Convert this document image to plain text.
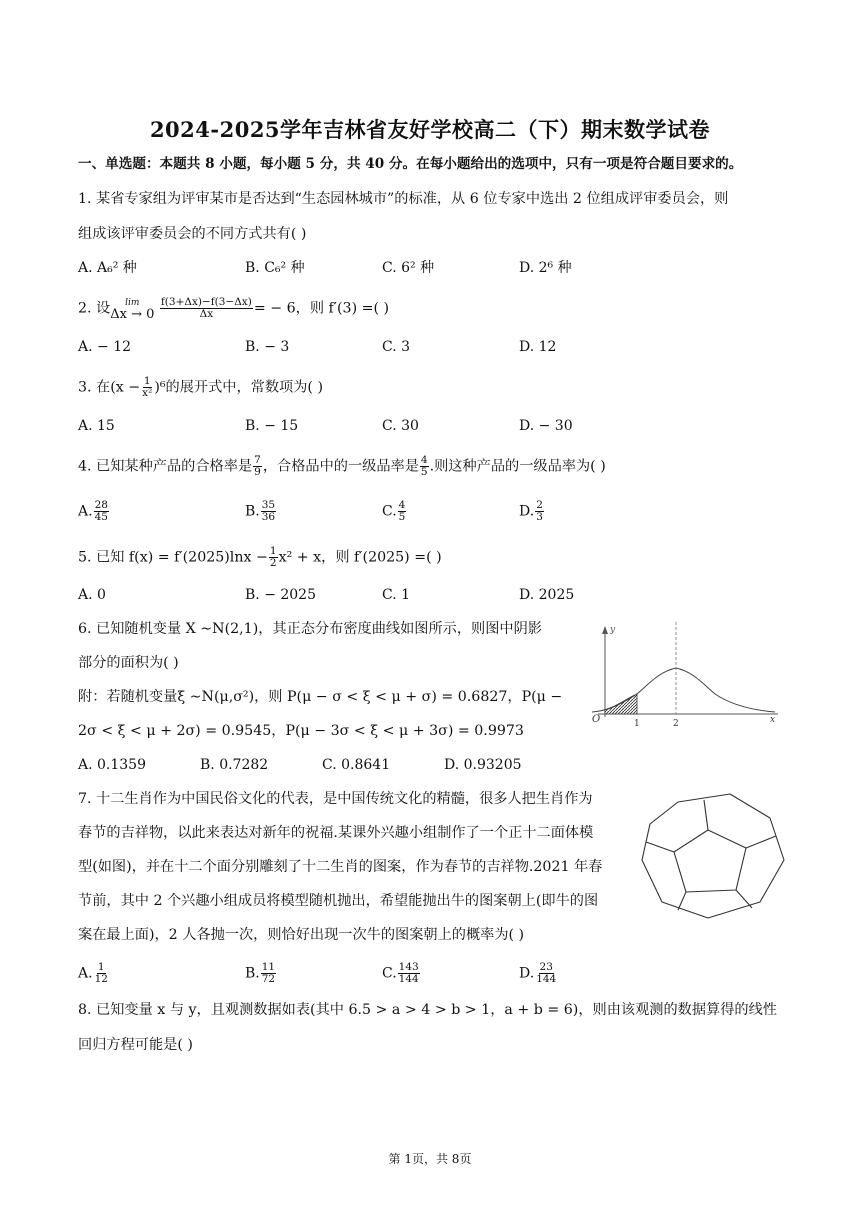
2024-2025学年吉林省友好学校高二（下）期末数学试卷
一、单选题：本题共 8 小题，每小题 5 分，共 40 分。在每小题给出的选项中，只有一项是符合题目要求的。
1. 某省专家组为评审某市是否达到“生态园林城市”的标准，从 6 位专家中选出 2 位组成评审委员会，则
组成该评审委员会的不同方式共有( )
A. A₆² 种	B. C₆² 种	C. 6² 种	D. 2⁶ 种
2. 设 lim
Δx → 0
$\frac{f(3+\Delta x)-f(3-\Delta x)}{\Delta x}$ = − 6，则 f′(3) =( )
A. − 12	B. − 3	C. 3	D. 12
3. 在$(x - \frac{1}{\text{x²}} )^6$的展开式中，常数项为( )
A. 15	B. − 15	C. 30	D. − 30
4. 已知某种产品的合格率是 $\frac{7}{9}$ ，合格品中的一级品率是 $\frac{4}{5}$ .则这种产品的一级品率为( )
A. $\frac{28}{45}$	B. $\frac{35}{36}$	C. $\frac{4}{5}$	D. $\frac{2}{3}$
5. 已知 $f(x) = f'(2025)\ln x - \frac{1}{2} x^2 + x$，则 f′(2025) =( )
A. 0	B. − 2025	C. 1	D. 2025
6. 已知随机变量 X ∼N(2,1)，其正态分布密度曲线如图所示，则图中阴影
部分的面积为( )
附：若随机变量ξ ∼N(μ,σ²)，则 P(μ − σ < ξ < μ + σ) = 0.6827，P(μ −
2σ < ξ < μ + 2σ) = 0.9545，P(μ − 3σ < ξ < μ + 3σ) = 0.9973
A. 0.1359	B. 0.7282	C. 0.8641	D. 0.93205
y
O	1	2	x
7. 十二生肖作为中国民俗文化的代表，是中国传统文化的精髓，很多人把生肖作为
春节的吉祥物，以此来表达对新年的祝福.某课外兴趣小组制作了一个正十二面体模
型(如图)，并在十二个面分别雕刻了十二生肖的图案，作为春节的吉祥物.2021 年春
节前，其中 2 个兴趣小组成员将模型随机抛出，希望能抛出牛的图案朝上(即牛的图
案在最上面)，2 人各抛一次，则恰好出现一次牛的图案朝上的概率为( )
A. $\frac{1}{12}$	B. $\frac{11}{72}$	C. $\frac{143}{144}$	D. $\frac{23}{144}$
8. 已知变量 x 与 y，且观测数据如表(其中 6.5 > a > 4 > b > 1，a + b = 6)，则由该观测的数据算得的线性
回归方程可能是( )
第 1页，共 8页
